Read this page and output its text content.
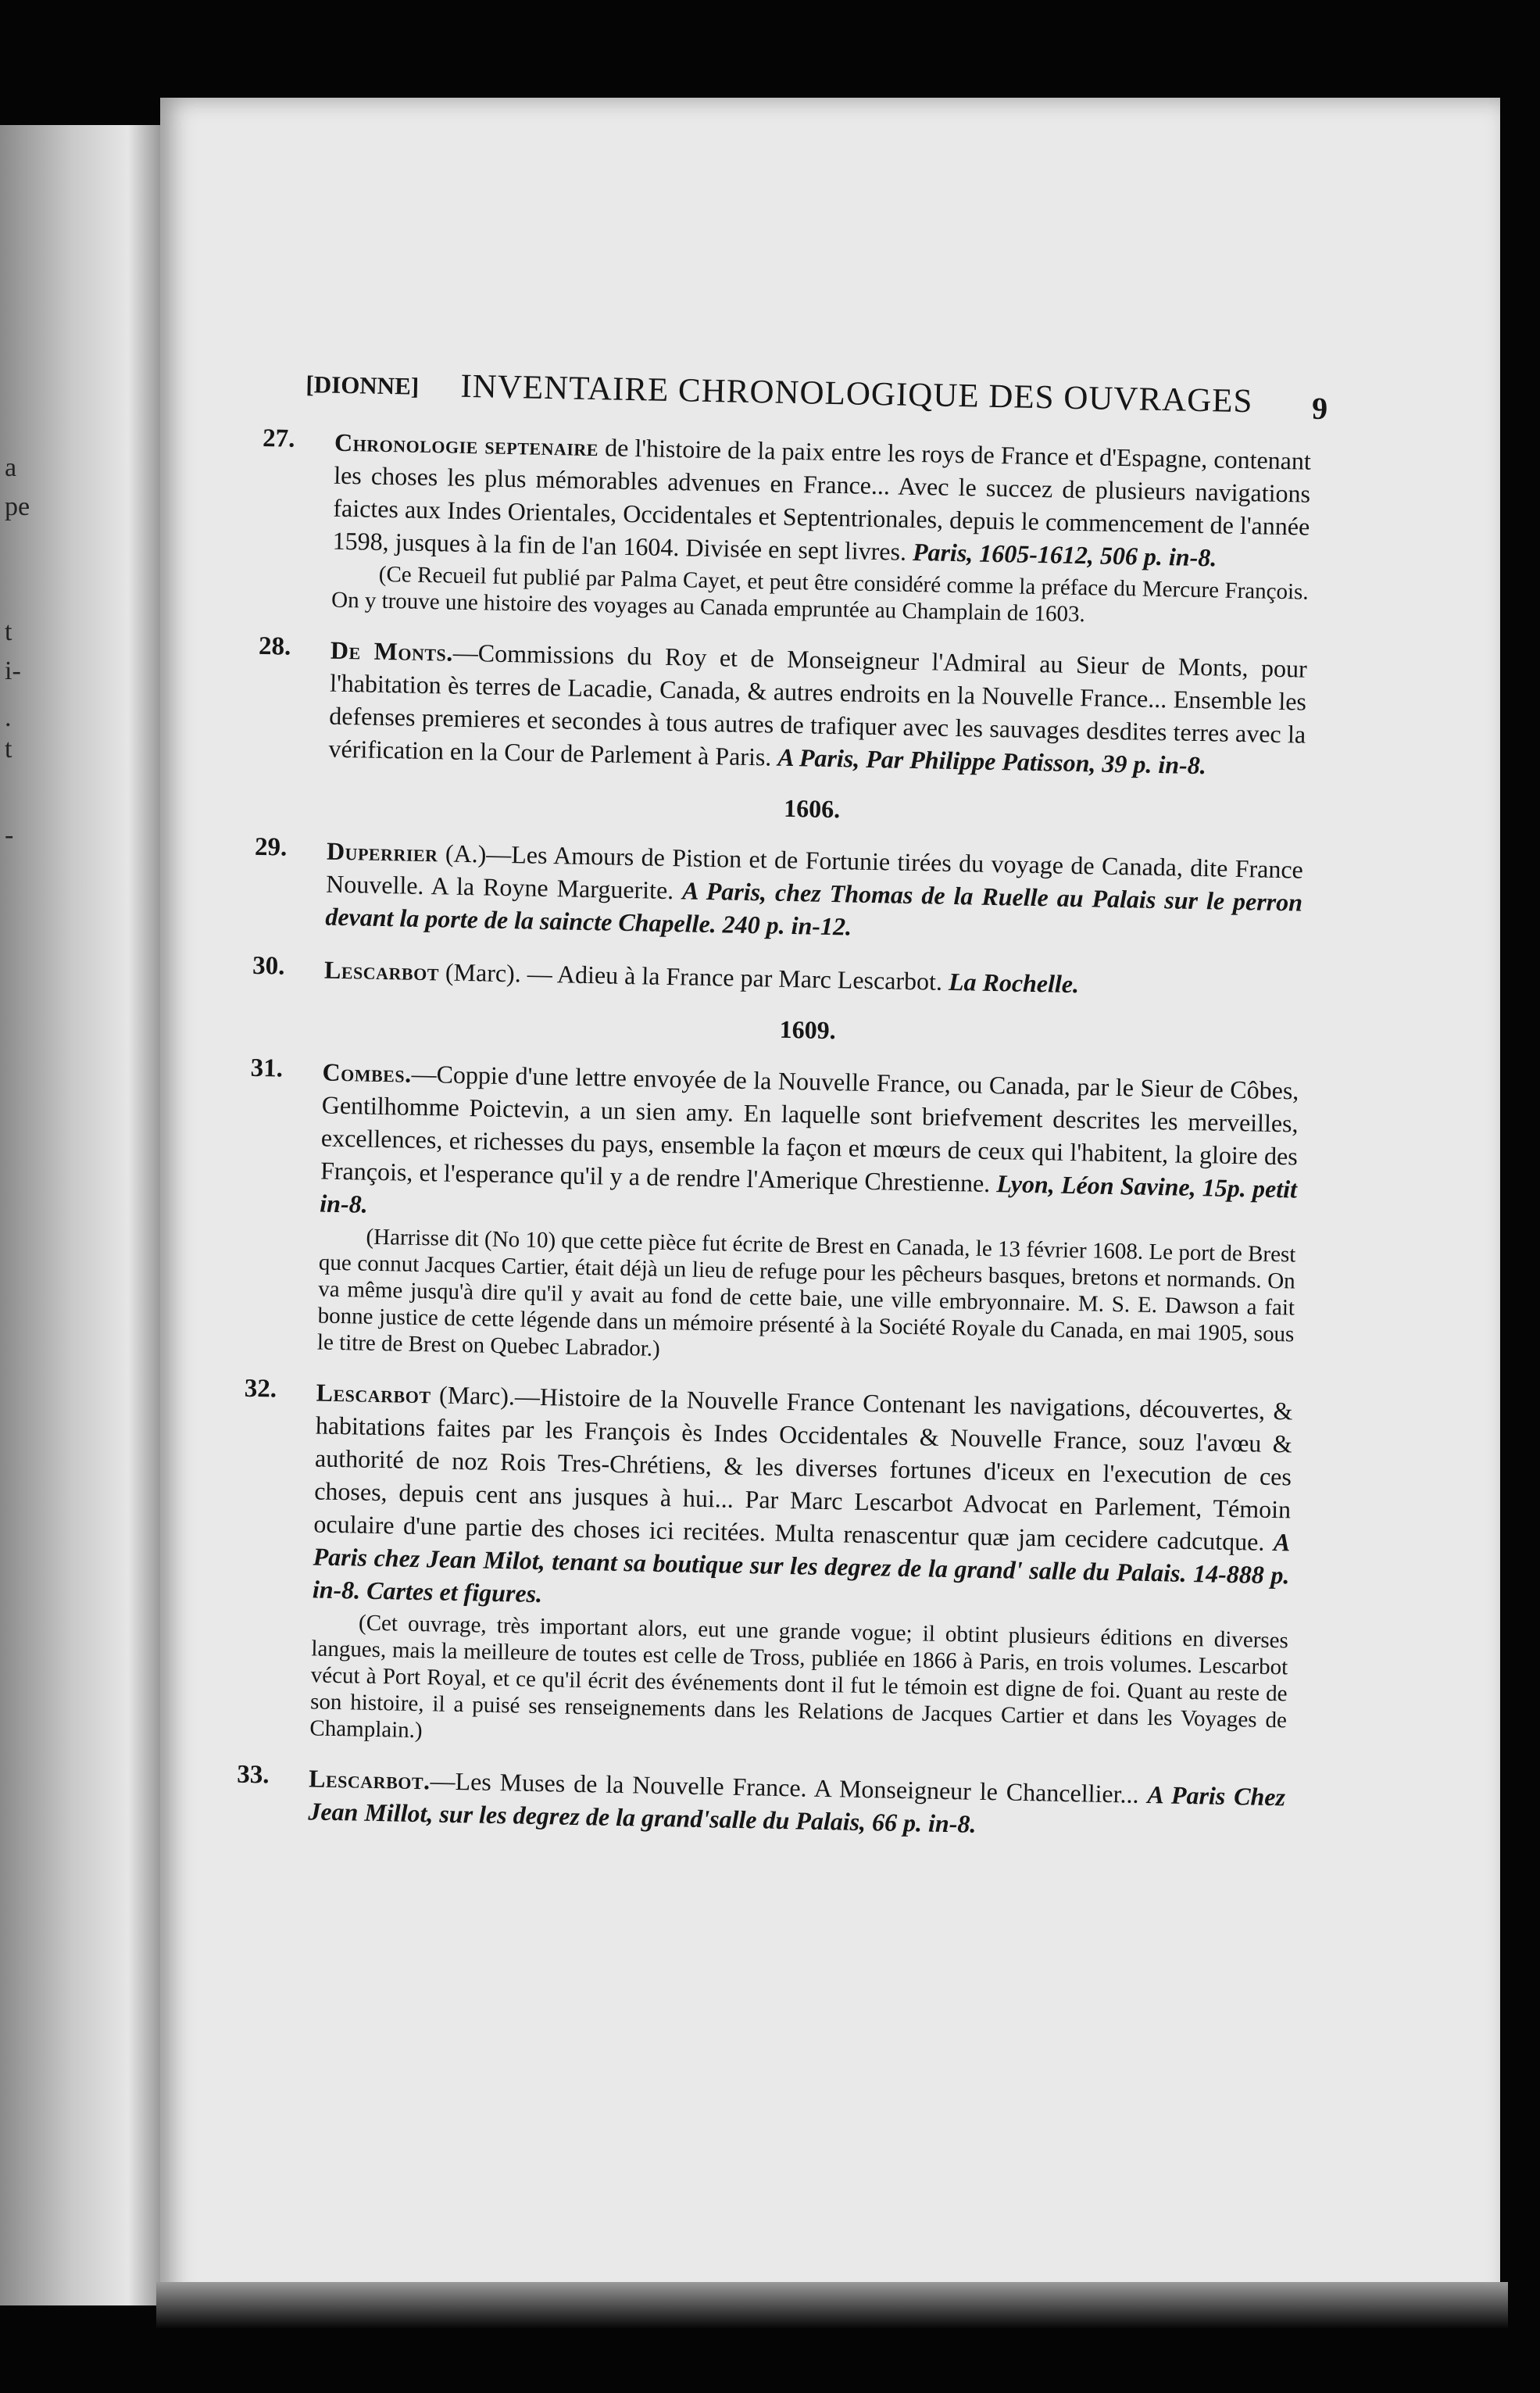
a
pe
t
i-
.
t
-
[DIONNE] INVENTAIRE CHRONOLOGIQUE DES OUVRAGES 9
27. Chronologie septenaire de l'histoire de la paix entre les roys de France et d'Espagne, contenant les choses les plus mémorables advenues en France... Avec le succez de plusieurs navigations faictes aux Indes Orientales, Occidentales et Septentrionales, depuis le commencement de l'année 1598, jusques à la fin de l'an 1604. Divisée en sept livres. Paris, 1605-1612, 506 p. in-8.
(Ce Recueil fut publié par Palma Cayet, et peut être considéré comme la préface du Mercure François. On y trouve une histoire des voyages au Canada empruntée au Champlain de 1603.
28. De Monts.—Commissions du Roy et de Monseigneur l'Admiral au Sieur de Monts, pour l'habitation ès terres de Lacadie, Canada, & autres endroits en la Nouvelle France... Ensemble les defenses premieres et secondes à tous autres de trafiquer avec les sauvages desdites terres avec la vérification en la Cour de Parlement à Paris. A Paris, Par Philippe Patisson, 39 p. in-8.
1606.
29. Duperrier (A.)—Les Amours de Pistion et de Fortunie tirées du voyage de Canada, dite France Nouvelle. A la Royne Marguerite. A Paris, chez Thomas de la Ruelle au Palais sur le perron devant la porte de la saincte Chapelle. 240 p. in-12.
30. Lescarbot (Marc). — Adieu à la France par Marc Lescarbot. La Rochelle.
1609.
31. Combes.—Coppie d'une lettre envoyée de la Nouvelle France, ou Canada, par le Sieur de Côbes, Gentilhomme Poictevin, a un sien amy. En laquelle sont briefvement descrites les merveilles, excellences, et richesses du pays, ensemble la façon et mœurs de ceux qui l'habitent, la gloire des François, et l'esperance qu'il y a de rendre l'Amerique Chrestienne. Lyon, Léon Savine, 15p. petit in-8.
(Harrisse dit (No 10) que cette pièce fut écrite de Brest en Canada, le 13 février 1608. Le port de Brest que connut Jacques Cartier, était déjà un lieu de refuge pour les pêcheurs basques, bretons et normands. On va même jusqu'à dire qu'il y avait au fond de cette baie, une ville embryonnaire. M. S. E. Dawson a fait bonne justice de cette légende dans un mémoire présenté à la Société Royale du Canada, en mai 1905, sous le titre de Brest on Quebec Labrador.)
32. Lescarbot (Marc).—Histoire de la Nouvelle France Contenant les navigations, découvertes, & habitations faites par les François ès Indes Occidentales & Nouvelle France, souz l'avœu & authorité de noz Rois Tres-Chrétiens, & les diverses fortunes d'iceux en l'execution de ces choses, depuis cent ans jusques à hui... Par Marc Lescarbot Advocat en Parlement, Témoin oculaire d'une partie des choses ici recitées. Multa renascentur quæ jam cecidere cadcutque. A Paris chez Jean Milot, tenant sa boutique sur les degrez de la grand' salle du Palais. 14-888 p. in-8. Cartes et figures.
(Cet ouvrage, très important alors, eut une grande vogue; il obtint plusieurs éditions en diverses langues, mais la meilleure de toutes est celle de Tross, publiée en 1866 à Paris, en trois volumes. Lescarbot vécut à Port Royal, et ce qu'il écrit des événements dont il fut le témoin est digne de foi. Quant au reste de son histoire, il a puisé ses renseignements dans les Relations de Jacques Cartier et dans les Voyages de Champlain.)
33. Lescarbot.—Les Muses de la Nouvelle France. A Monseigneur le Chancellier... A Paris Chez Jean Millot, sur les degrez de la grand'salle du Palais, 66 p. in-8.
